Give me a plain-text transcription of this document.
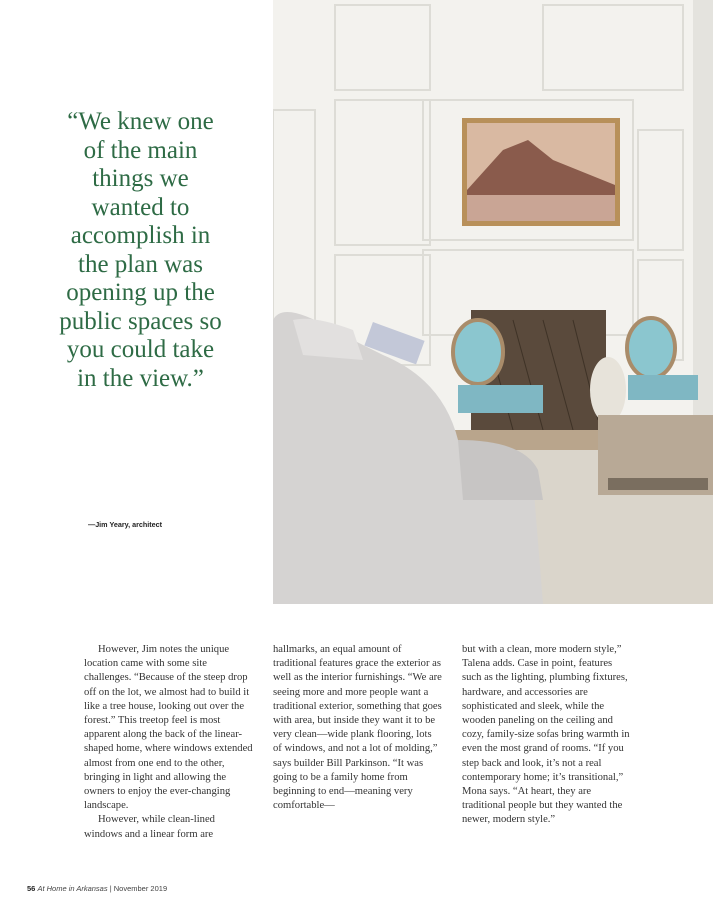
“We knew one of the main things we wanted to accomplish in the plan was opening up the public spaces so you could take in the view.”
—Jim Yeary, architect

However, Jim notes the unique location came with some site challenges. “Because of the steep drop off on the lot, we almost had to build it like a tree house, looking out over the forest.” This treetop feel is most apparent along the back of the linear-shaped home, where windows extended almost from one end to the other, bringing in light and allowing the owners to enjoy the ever-changing landscape.

However, while clean-lined windows and a linear form are

hallmarks, an equal amount of traditional features grace the exterior as well as the interior furnishings. “We are seeing more and more people want a traditional exterior, something that goes with area, but inside they want it to be very clean—wide plank flooring, lots of windows, and not a lot of molding,” says builder Bill Parkinson. “It was going to be a family home from beginning to end—meaning very comfortable—

but with a clean, more modern style,” Talena adds. Case in point, features such as the lighting, plumbing fixtures, hardware, and accessories are sophisticated and sleek, while the wooden paneling on the ceiling and cozy, family-size sofas bring warmth in even the most grand of rooms. “If you step back and look, it’s not a real contemporary home; it’s transitional,” Mona says. “At heart, they are traditional people but they wanted the newer, modern style.”

56 At Home in Arkansas | November 2019
